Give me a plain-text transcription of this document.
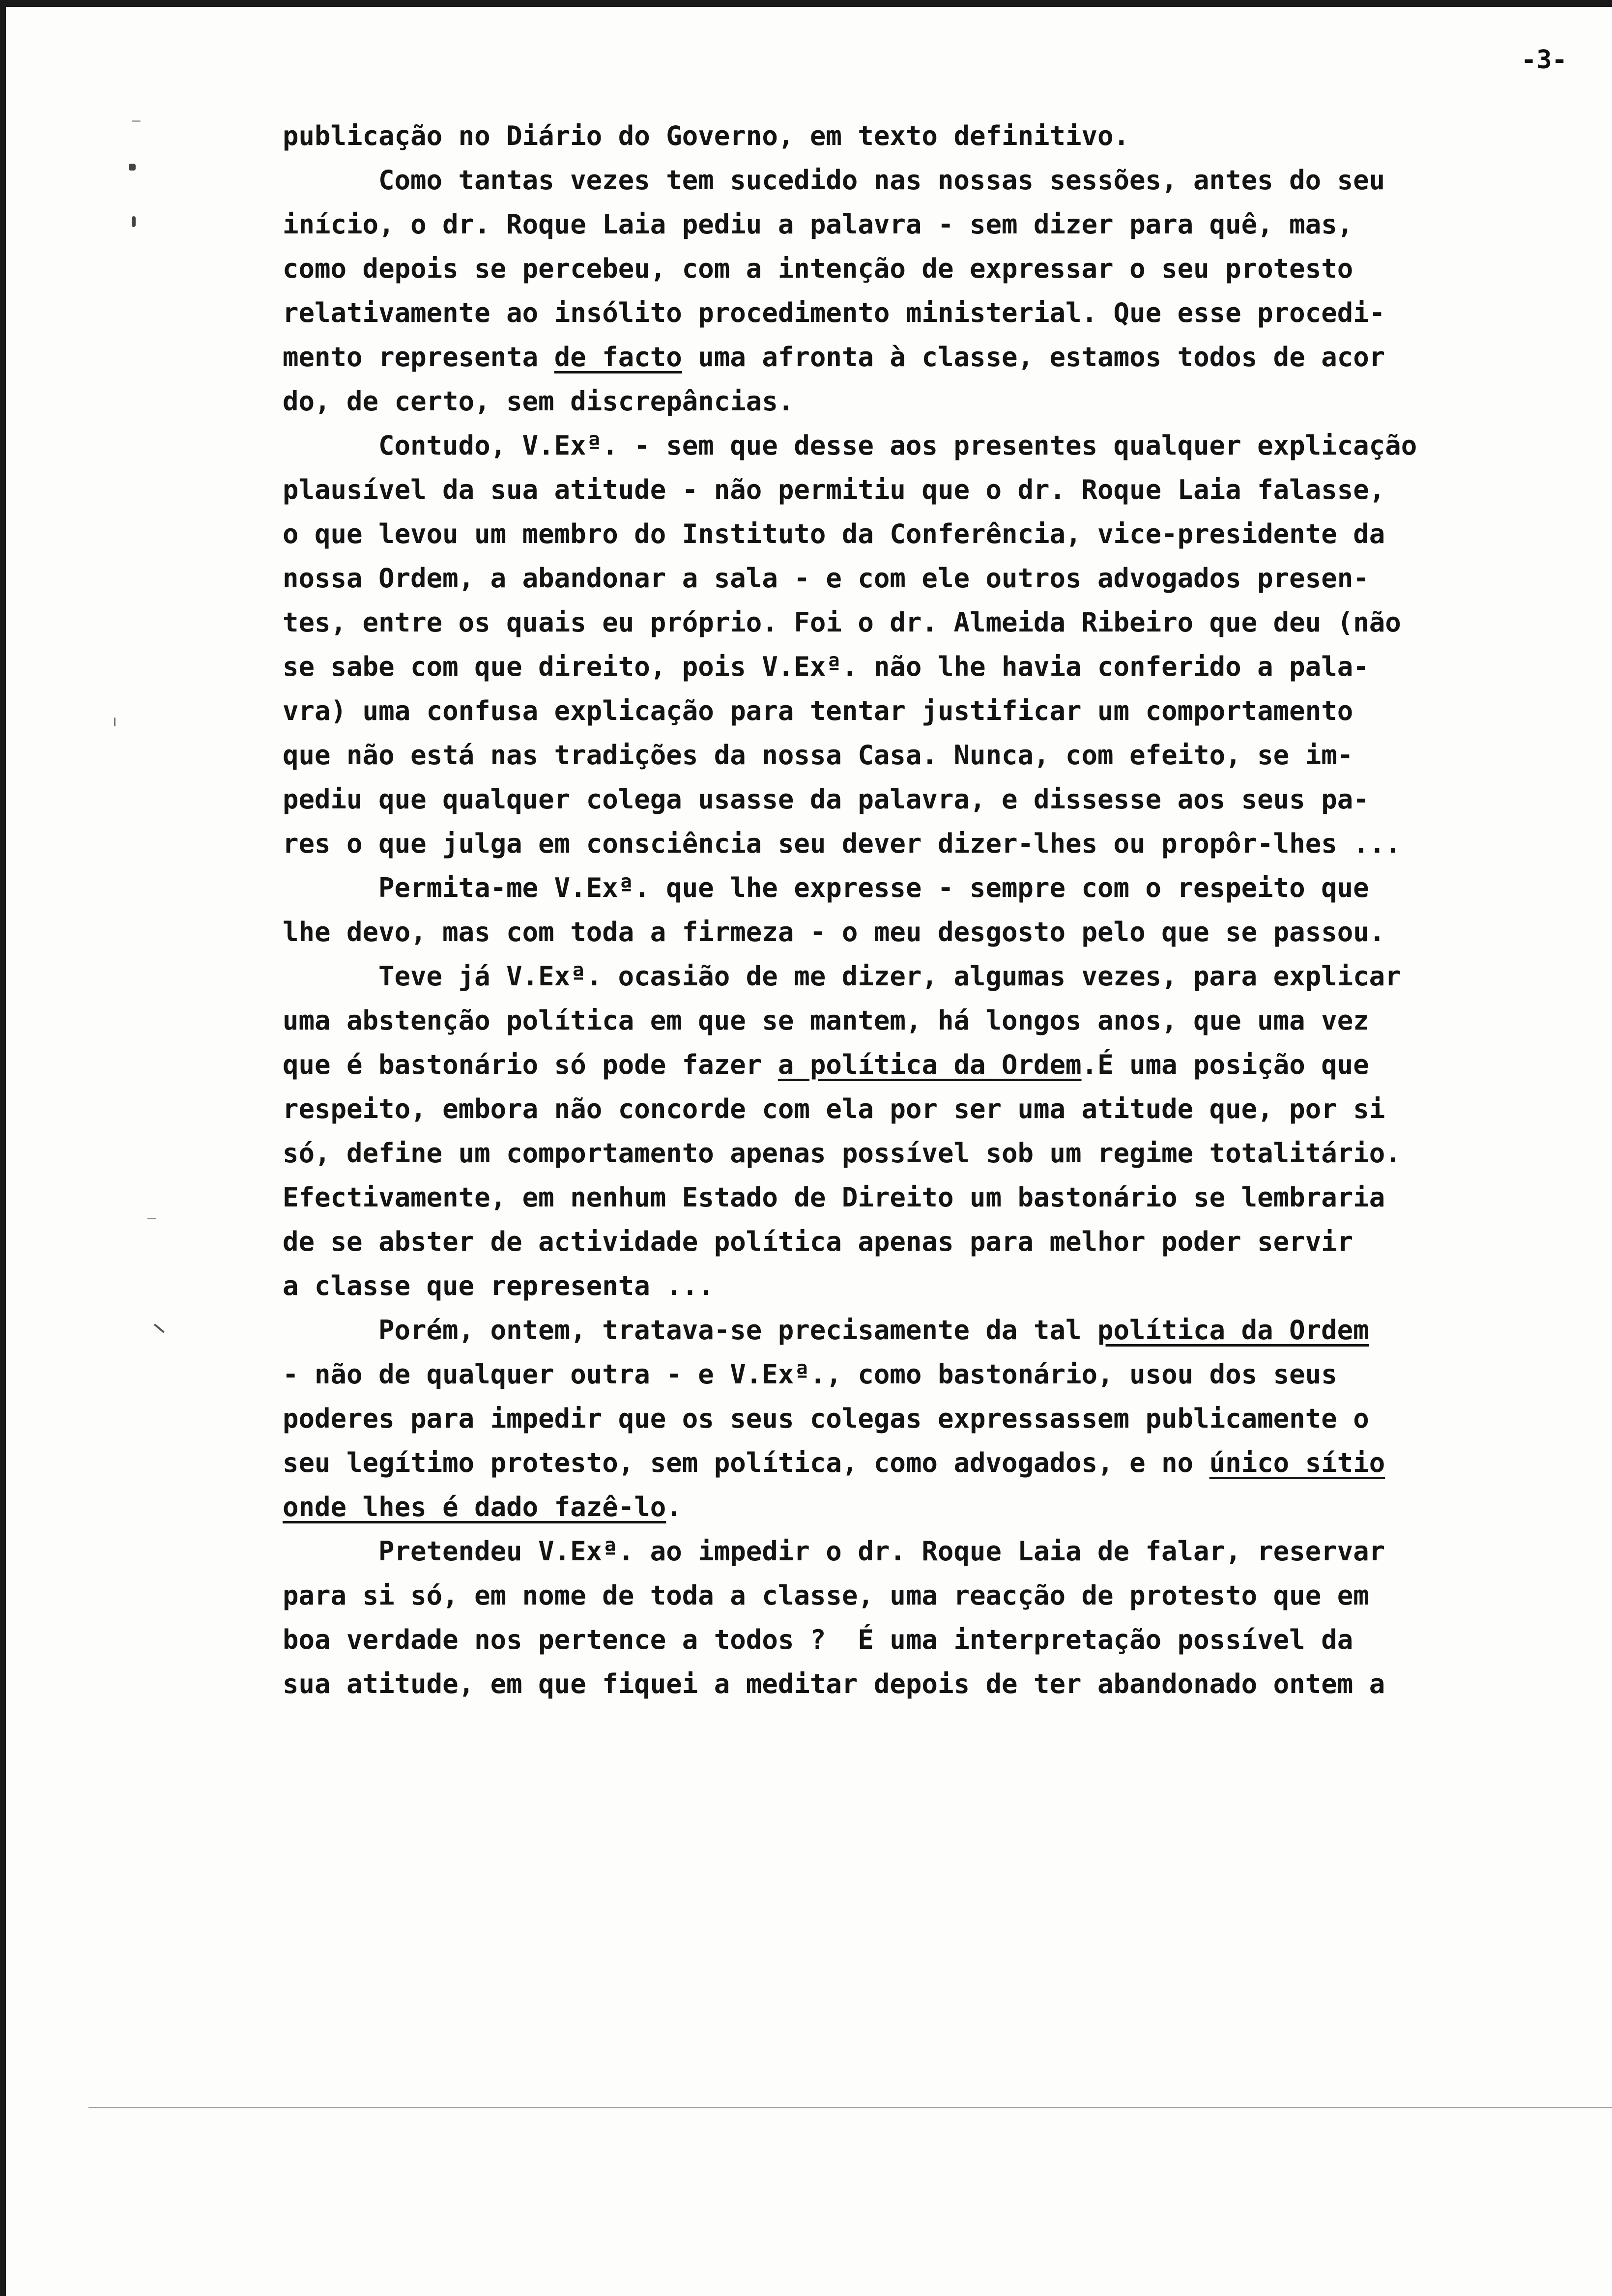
-3-
publicação no Diário do Governo, em texto definitivo.
Como tantas vezes tem sucedido nas nossas sessões, antes do seu
início, o dr. Roque Laia pediu a palavra - sem dizer para quê, mas,
como depois se percebeu, com a intenção de expressar o seu protesto
relativamente ao insólito procedimento ministerial. Que esse procedi-
mento representa de facto uma afronta à classe, estamos todos de acor
do, de certo, sem discrepâncias.
Contudo, V.Exª. - sem que desse aos presentes qualquer explicação
plausível da sua atitude - não permitiu que o dr. Roque Laia falasse,
o que levou um membro do Instituto da Conferência, vice-presidente da
nossa Ordem, a abandonar a sala - e com ele outros advogados presen-
tes, entre os quais eu próprio. Foi o dr. Almeida Ribeiro que deu (não
se sabe com que direito, pois V.Exª. não lhe havia conferido a pala-
vra) uma confusa explicação para tentar justificar um comportamento
que não está nas tradições da nossa Casa. Nunca, com efeito, se im-
pediu que qualquer colega usasse da palavra, e dissesse aos seus pa-
res o que julga em consciência seu dever dizer-lhes ou propôr-lhes ...
Permita-me V.Exª. que lhe expresse - sempre com o respeito que
lhe devo, mas com toda a firmeza - o meu desgosto pelo que se passou.
Teve já V.Exª. ocasião de me dizer, algumas vezes, para explicar
uma abstenção política em que se mantem, há longos anos, que uma vez
que é bastonário só pode fazer a política da Ordem.É uma posição que
respeito, embora não concorde com ela por ser uma atitude que, por si
só, define um comportamento apenas possível sob um regime totalitário.
Efectivamente, em nenhum Estado de Direito um bastonário se lembraria
de se abster de actividade política apenas para melhor poder servir
a classe que representa ...
Porém, ontem, tratava-se precisamente da tal política da Ordem
- não de qualquer outra - e V.Exª., como bastonário, usou dos seus
poderes para impedir que os seus colegas expressassem publicamente o
seu legítimo protesto, sem política, como advogados, e no único sítio
onde lhes é dado fazê-lo.
Pretendeu V.Exª. ao impedir o dr. Roque Laia de falar, reservar
para si só, em nome de toda a classe, uma reacção de protesto que em
boa verdade nos pertence a todos ?  É uma interpretação possível da
sua atitude, em que fiquei a meditar depois de ter abandonado ontem a
